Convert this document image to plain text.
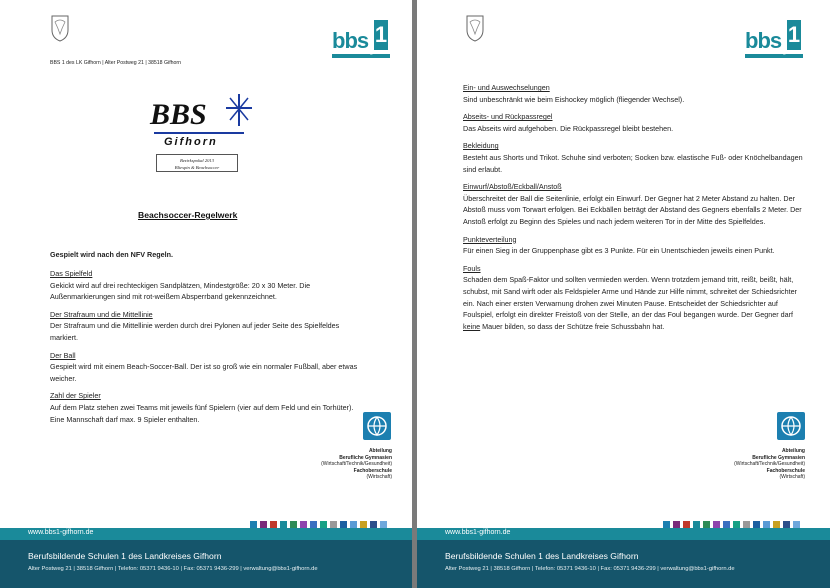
bbs 1
gifhorn
BBS 1 des LK Gifhorn | Alter Postweg 21 | 38518 Gifhorn
BBS
Gifhorn
Bezirkspokal 2013
Bliespin & Beachsoccer
Beachsoccer-Regelwerk
Gespielt wird nach den NFV Regeln.
Das Spielfeld
Gekickt wird auf drei rechteckigen Sandplätzen, Mindestgröße: 20 x 30 Meter. Die Außenmarkierungen sind mit rot-weißem Absperrband gekennzeichnet.
Der Strafraum und die Mittellinie
Der Strafraum und die Mittellinie werden durch drei Pylonen auf jeder Seite des Spielfeldes markiert.
Der Ball
Gespielt wird mit einem Beach-Soccer-Ball. Der ist so groß wie ein normaler Fußball, aber etwas weicher.
Zahl der Spieler
Auf dem Platz stehen zwei Teams mit jeweils fünf Spielern (vier auf dem Feld und ein Torhüter). Eine Mannschaft darf max. 9 Spieler enthalten.
Abteilung
Berufliche Gymnasien
(Wirtschaft/Technik/Gesundheit)
Fachoberschule
(Wirtschaft)
www.bbs1-gifhorn.de
Berufsbildende Schulen 1 des Landkreises Gifhorn
Alter Postweg 21 | 38518 Gifhorn | Telefon: 05371 9436-10 | Fax: 05371 9436-299 | verwaltung@bbs1-gifhorn.de
bbs 1
gifhorn
Ein- und Auswechselungen
Sind unbeschränkt wie beim Eishockey möglich (fliegender Wechsel).
Abseits- und Rückpassregel
Das Abseits wird aufgehoben. Die Rückpassregel bleibt bestehen.
Bekleidung
Besteht aus Shorts und Trikot. Schuhe sind verboten; Socken bzw. elastische Fuß- oder Knöchelbandagen sind erlaubt.
Einwurf/Abstoß/Eckball/Anstoß
Überschreitet der Ball die Seitenlinie, erfolgt ein Einwurf. Der Gegner hat 2 Meter Abstand zu halten. Der Abstoß muss vom Torwart erfolgen. Bei Eckbällen beträgt der Abstand des Gegners ebenfalls 2 Meter. Der Anstoß erfolgt zu Beginn des Spieles und nach jedem weiteren Tor in der Mitte des Spielfeldes.
Punkteverteilung
Für einen Sieg in der Gruppenphase gibt es 3 Punkte. Für ein Unentschieden jeweils einen Punkt.
Fouls
Schaden dem Spaß-Faktor und sollten vermieden werden. Wenn trotzdem jemand tritt, reißt, beißt, hält, schubst, mit Sand wirft oder als Feldspieler Arme und Hände zur Hilfe nimmt, schreitet der Schiedsrichter ein. Nach einer ersten Verwarnung drohen zwei Minuten Pause. Entscheidet der Schiedsrichter auf Foulspiel, erfolgt ein direkter Freistoß von der Stelle, an der das Foul begangen wurde. Der Gegner darf keine Mauer bilden, so dass der Schütze freie Schussbahn hat.
Abteilung
Berufliche Gymnasien
(Wirtschaft/Technik/Gesundheit)
Fachoberschule
(Wirtschaft)
www.bbs1-gifhorn.de
Berufsbildende Schulen 1 des Landkreises Gifhorn
Alter Postweg 21 | 38518 Gifhorn | Telefon: 05371 9436-10 | Fax: 05371 9436-299 | verwaltung@bbs1-gifhorn.de
